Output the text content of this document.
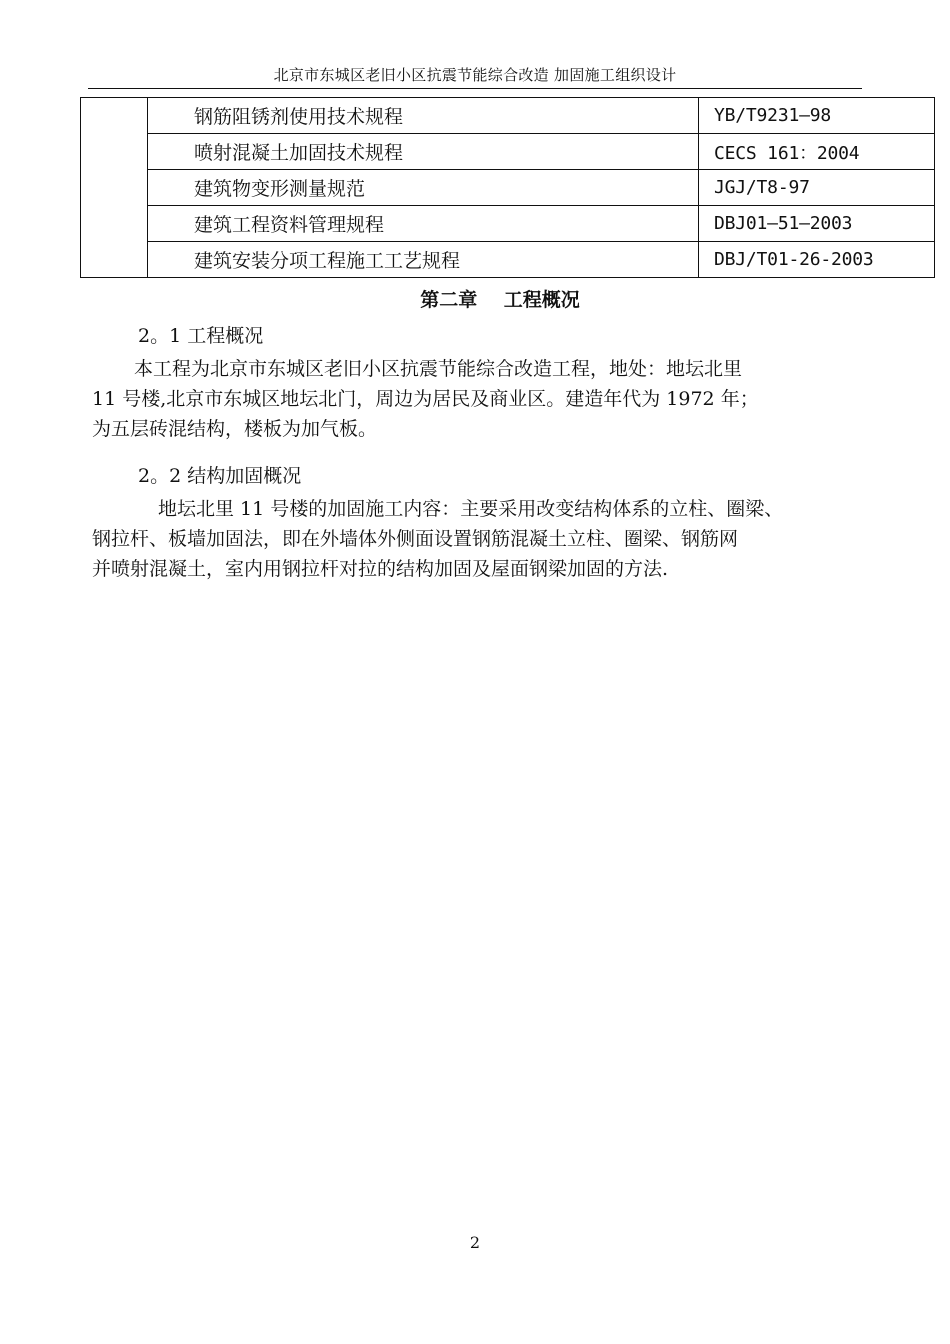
北京市东城区老旧小区抗震节能综合改造 加固施工组织设计
	钢筋阻锈剂使用技术规程	YB/T9231—98
	喷射混凝土加固技术规程	CECS 161：2004
	建筑物变形测量规范	JGJ/T8-97
	建筑工程资料管理规程	DBJ01—51—2003
	建筑安装分项工程施工工艺规程	DBJ/T01-26-2003
第二章    工程概况
2。1 工程概况

本工程为北京市东城区老旧小区抗震节能综合改造工程，地处：地坛北里

11 号楼,北京市东城区地坛北门，周边为居民及商业区。建造年代为 1972 年；

为五层砖混结构，楼板为加气板。

2。2 结构加固概况

地坛北里 11 号楼的加固施工内容：主要采用改变结构体系的立柱、圈梁、

钢拉杆、板墙加固法，即在外墙体外侧面设置钢筋混凝土立柱、圈梁、钢筋网

并喷射混凝土，室内用钢拉杆对拉的结构加固及屋面钢梁加固的方法.

2
